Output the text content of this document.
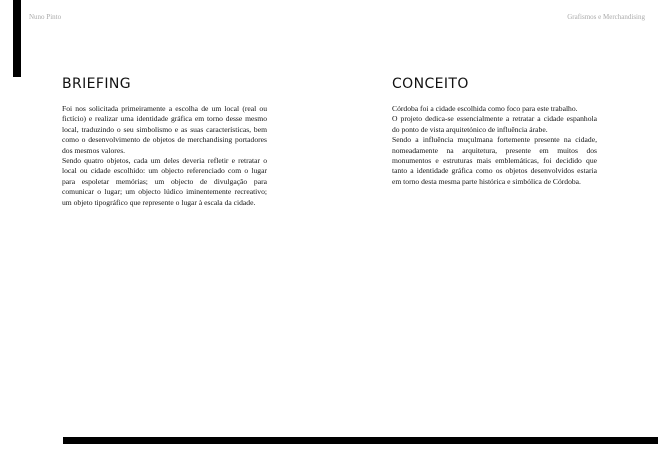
Nuno Pinto	Grafismos e Merchandising
BRIEFING

Foi nos solicitada primeiramente a escolha de um local (real ou fictício) e realizar uma identidade gráfica em torno desse mesmo local, traduzindo o seu simbolismo e as suas características, bem como o desenvolvimento de objetos de merchandising portadores dos mesmos valores.

Sendo quatro objetos, cada um deles deveria refletir e retratar o local ou cidade escolhido: um objecto referenciado com o lugar para espoletar memórias; um objecto de divulgação para comunicar o lugar; um objecto lúdico iminentemente recreativo; um objeto tipográfico que represente o lugar à escala da cidade.

CONCEITO

Córdoba foi a cidade escolhida como foco para este trabalho.

O projeto dedica-se essencialmente a retratar a cidade espanhola do ponto de vista arquitetónico de influência árabe.

Sendo a influência muçulmana fortemente presente na cidade, nomeadamente na arquitetura, presente em muitos dos monumentos e estruturas mais emblemáticas, foi decidido que tanto a identidade gráfica como os objetos desenvolvidos estaria em torno desta mesma parte histórica e simbólica de Córdoba.
